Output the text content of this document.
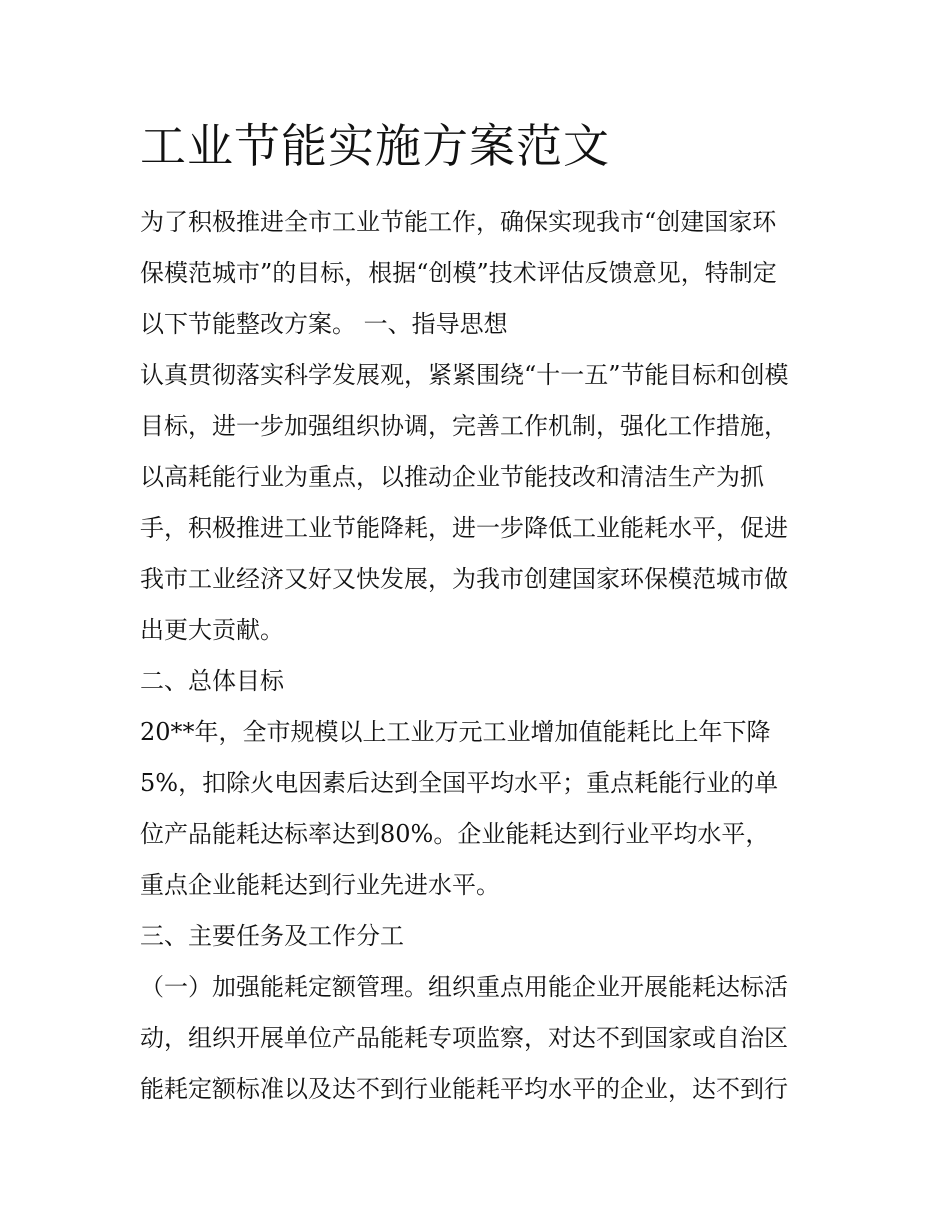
工业节能实施方案范文

为了积极推进全市工业节能工作，确保实现我市“创建国家环

保模范城市”的目标，根据“创模”技术评估反馈意见，特制定

以下节能整改方案。 一、指导思想

认真贯彻落实科学发展观，紧紧围绕“十一五”节能目标和创模

目标，进一步加强组织协调，完善工作机制，强化工作措施，

以高耗能行业为重点，以推动企业节能技改和清洁生产为抓

手，积极推进工业节能降耗，进一步降低工业能耗水平，促进

我市工业经济又好又快发展，为我市创建国家环保模范城市做

出更大贡献。

二、总体目标

20**年，全市规模以上工业万元工业增加值能耗比上年下降

5%，扣除火电因素后达到全国平均水平；重点耗能行业的单

位产品能耗达标率达到80%。企业能耗达到行业平均水平，

重点企业能耗达到行业先进水平。

三、主要任务及工作分工

（一）加强能耗定额管理。组织重点用能企业开展能耗达标活

动，组织开展单位产品能耗专项监察，对达不到国家或自治区

能耗定额标准以及达不到行业能耗平均水平的企业，达不到行
